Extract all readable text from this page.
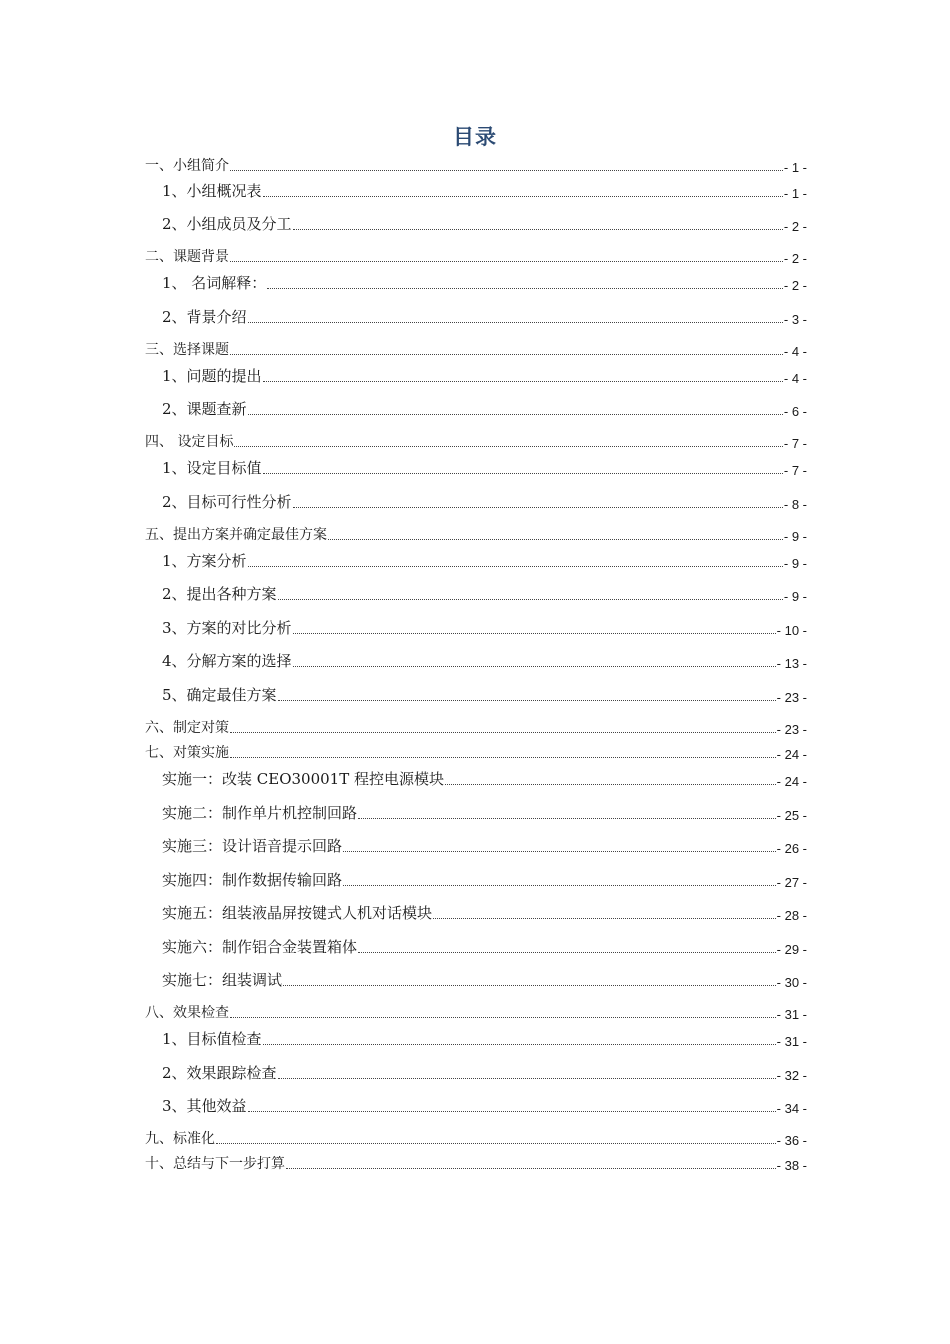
目录
一、小组简介	- 1 -
1、小组概况表	- 1 -
2、小组成员及分工	- 2 -
二、课题背景	- 2 -
1、 名词解释：	- 2 -
2、背景介绍	- 3 -
三、选择课题	- 4 -
1、问题的提出	- 4 -
2、课题查新	- 6 -
四、 设定目标	- 7 -
1、设定目标值	- 7 -
2、目标可行性分析	- 8 -
五、提出方案并确定最佳方案	- 9 -
1、方案分析	- 9 -
2、提出各种方案	- 9 -
3、方案的对比分析	- 10 -
4、分解方案的选择	- 13 -
5、确定最佳方案	- 23 -
六、制定对策	- 23 -
七、对策实施	- 24 -
实施一：改装 CEO30001T 程控电源模块	- 24 -
实施二：制作单片机控制回路	- 25 -
实施三：设计语音提示回路	- 26 -
实施四：制作数据传输回路	- 27 -
实施五：组装液晶屏按键式人机对话模块	- 28 -
实施六：制作铝合金装置箱体	- 29 -
实施七：组装调试	- 30 -
八、效果检查	- 31 -
1、目标值检查	- 31 -
2、效果跟踪检查	- 32 -
3、其他效益	- 34 -
九、标准化	- 36 -
十、总结与下一步打算	- 38 -
